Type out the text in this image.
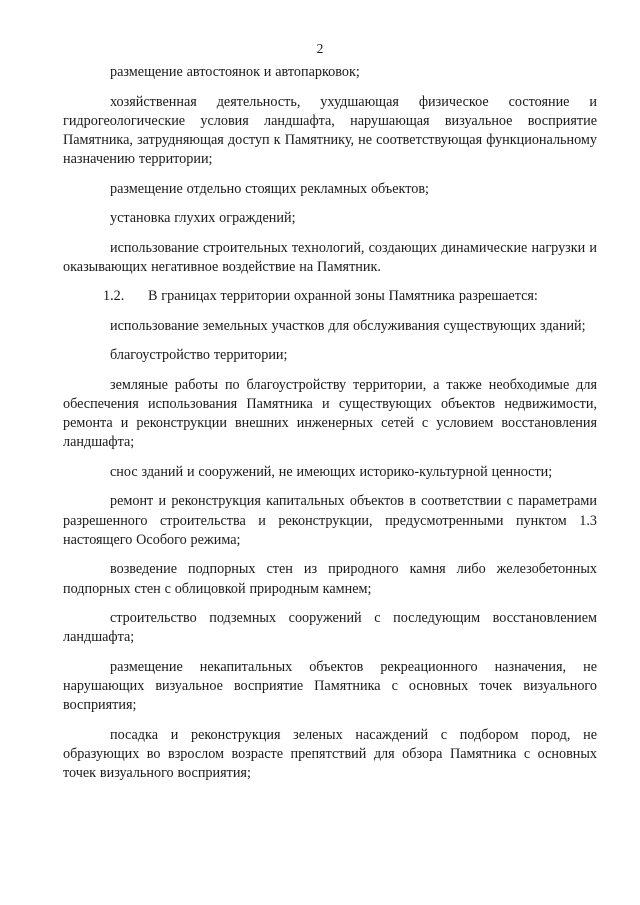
2

размещение автостоянок и автопарковок;

хозяйственная деятельность, ухудшающая физическое состояние и гидрогеологические условия ландшафта, нарушающая визуальное восприятие Памятника, затрудняющая доступ к Памятнику, не соответствующая функциональному назначению территории;

размещение отдельно стоящих рекламных объектов;

установка глухих ограждений;

использование строительных технологий, создающих динамические нагрузки и оказывающих негативное воздействие на Памятник.

1.2. В границах территории охранной зоны Памятника разрешается:

использование земельных участков для обслуживания существующих зданий;

благоустройство территории;

земляные работы по благоустройству территории, а также необходимые для обеспечения использования Памятника и существующих объектов недвижимости, ремонта и реконструкции внешних инженерных сетей с условием восстановления ландшафта;

снос зданий и сооружений, не имеющих историко-культурной ценности;

ремонт и реконструкция капитальных объектов в соответствии с параметрами разрешенного строительства и реконструкции, предусмотренными пунктом 1.3 настоящего Особого режима;

возведение подпорных стен из природного камня либо железобетонных подпорных стен с облицовкой природным камнем;

строительство подземных сооружений с последующим восстановлением ландшафта;

размещение некапитальных объектов рекреационного назначения, не нарушающих визуальное восприятие Памятника с основных точек визуального восприятия;

посадка и реконструкция зеленых насаждений с подбором пород, не образующих во взрослом возрасте препятствий для обзора Памятника с основных точек визуального восприятия;
